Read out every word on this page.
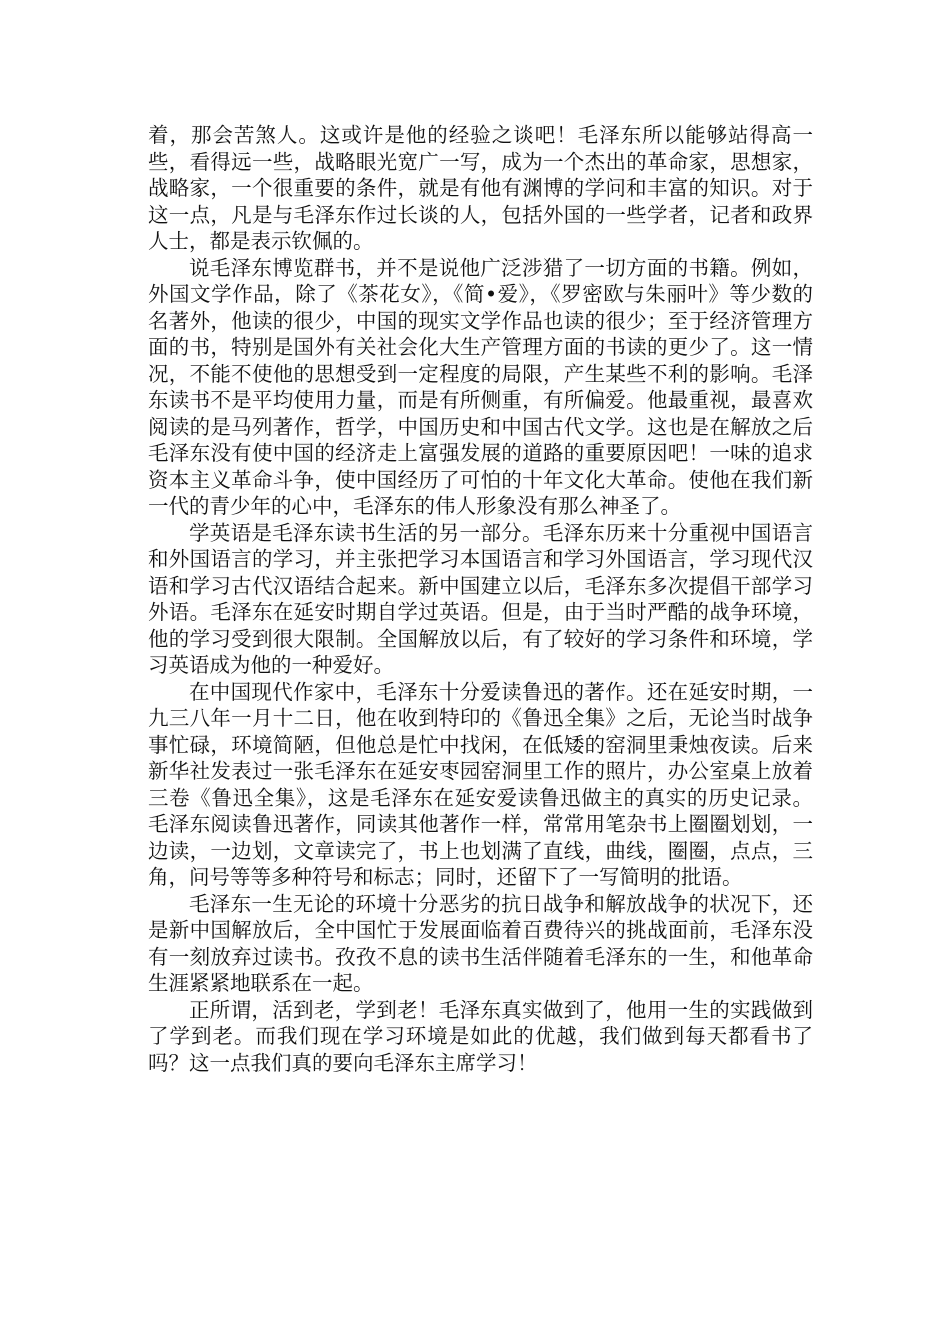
着，那会苦煞人。这或许是他的经验之谈吧！毛泽东所以能够站得高一些，看得远一些，战略眼光宽广一写，成为一个杰出的革命家，思想家，战略家，一个很重要的条件，就是有他有渊博的学问和丰富的知识。对于这一点，凡是与毛泽东作过长谈的人，包括外国的一些学者，记者和政界人士，都是表示钦佩的。

说毛泽东博览群书，并不是说他广泛涉猎了一切方面的书籍。例如，外国文学作品，除了《茶花女》，《简•爱》，《罗密欧与朱丽叶》等少数的名著外，他读的很少，中国的现实文学作品也读的很少；至于经济管理方面的书，特别是国外有关社会化大生产管理方面的书读的更少了。这一情况，不能不使他的思想受到一定程度的局限，产生某些不利的影响。毛泽东读书不是平均使用力量，而是有所侧重，有所偏爱。他最重视，最喜欢阅读的是马列著作，哲学，中国历史和中国古代文学。这也是在解放之后毛泽东没有使中国的经济走上富强发展的道路的重要原因吧！一味的追求资本主义革命斗争，使中国经历了可怕的十年文化大革命。使他在我们新一代的青少年的心中，毛泽东的伟人形象没有那么神圣了。

学英语是毛泽东读书生活的另一部分。毛泽东历来十分重视中国语言和外国语言的学习，并主张把学习本国语言和学习外国语言，学习现代汉语和学习古代汉语结合起来。新中国建立以后，毛泽东多次提倡干部学习外语。毛泽东在延安时期自学过英语。但是，由于当时严酷的战争环境，他的学习受到很大限制。全国解放以后，有了较好的学习条件和环境，学习英语成为他的一种爱好。

在中国现代作家中，毛泽东十分爱读鲁迅的著作。还在延安时期，一九三八年一月十二日，他在收到特印的《鲁迅全集》之后，无论当时战争事忙碌，环境简陋，但他总是忙中找闲，在低矮的窑洞里秉烛夜读。后来新华社发表过一张毛泽东在延安枣园窑洞里工作的照片，办公室桌上放着三卷《鲁迅全集》，这是毛泽东在延安爱读鲁迅做主的真实的历史记录。毛泽东阅读鲁迅著作，同读其他著作一样，常常用笔杂书上圈圈划划，一边读，一边划，文章读完了，书上也划满了直线，曲线，圈圈，点点，三角，问号等等多种符号和标志；同时，还留下了一写简明的批语。

毛泽东一生无论的环境十分恶劣的抗日战争和解放战争的状况下，还是新中国解放后，全中国忙于发展面临着百费待兴的挑战面前，毛泽东没有一刻放弃过读书。孜孜不息的读书生活伴随着毛泽东的一生，和他革命生涯紧紧地联系在一起。

正所谓，活到老，学到老！毛泽东真实做到了，他用一生的实践做到了学到老。而我们现在学习环境是如此的优越，我们做到每天都看书了吗？这一点我们真的要向毛泽东主席学习！
